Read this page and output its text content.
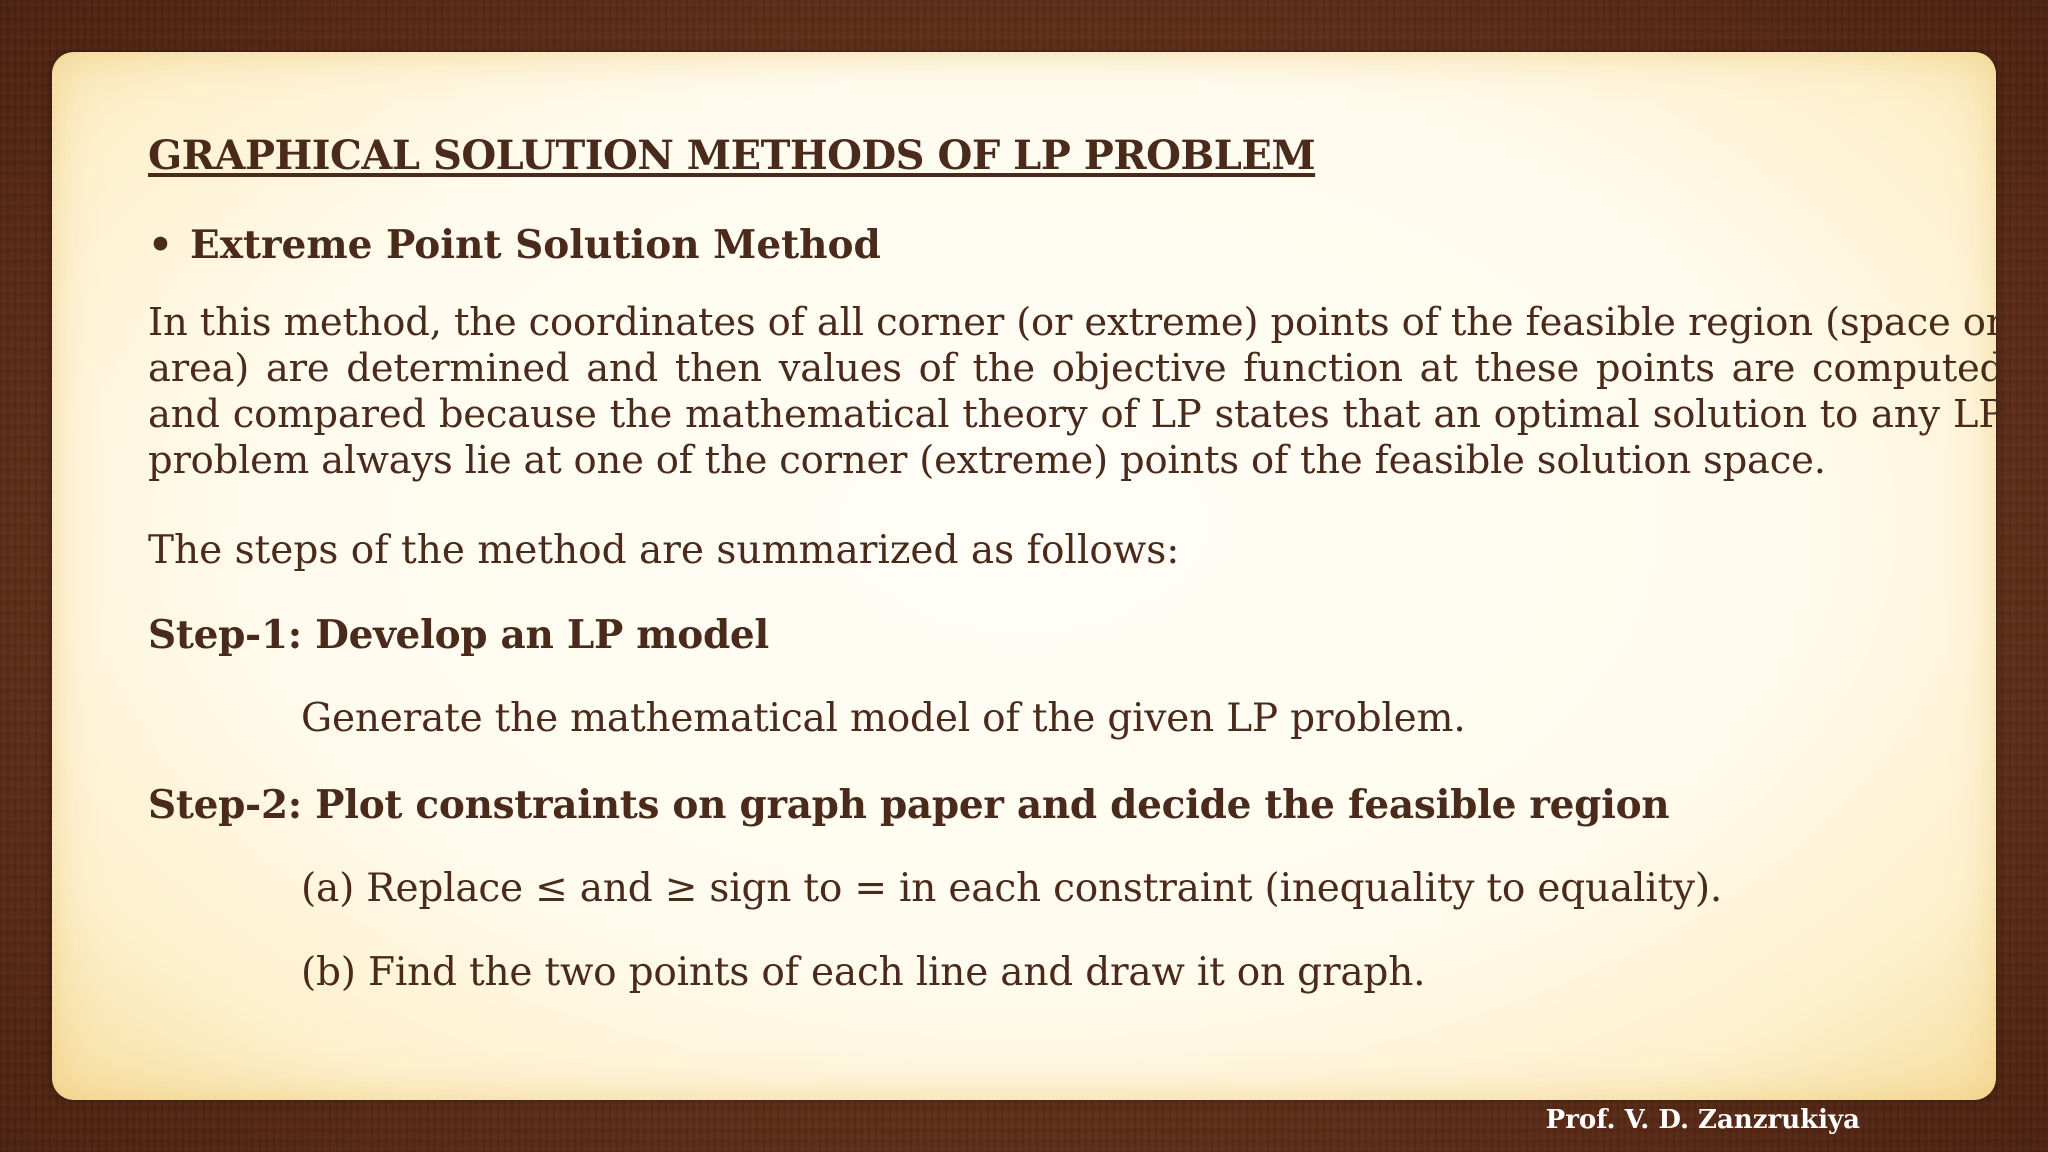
GRAPHICAL SOLUTION METHODS OF LP PROBLEM
• Extreme Point Solution Method

In this method, the coordinates of all corner (or extreme) points of the feasible region (space or area) are determined and then values of the objective function at these points are computed and compared because the mathematical theory of LP states that an optimal solution to any LP problem always lie at one of the corner (extreme) points of the feasible solution space.

The steps of the method are summarized as follows:
Step-1: Develop an LP model
Generate the mathematical model of the given LP problem.
Step-2: Plot constraints on graph paper and decide the feasible region
(a) Replace ≤ and ≥ sign to = in each constraint (inequality to equality).
(b) Find the two points of each line and draw it on graph.
Prof. V. D. Zanzrukiya
